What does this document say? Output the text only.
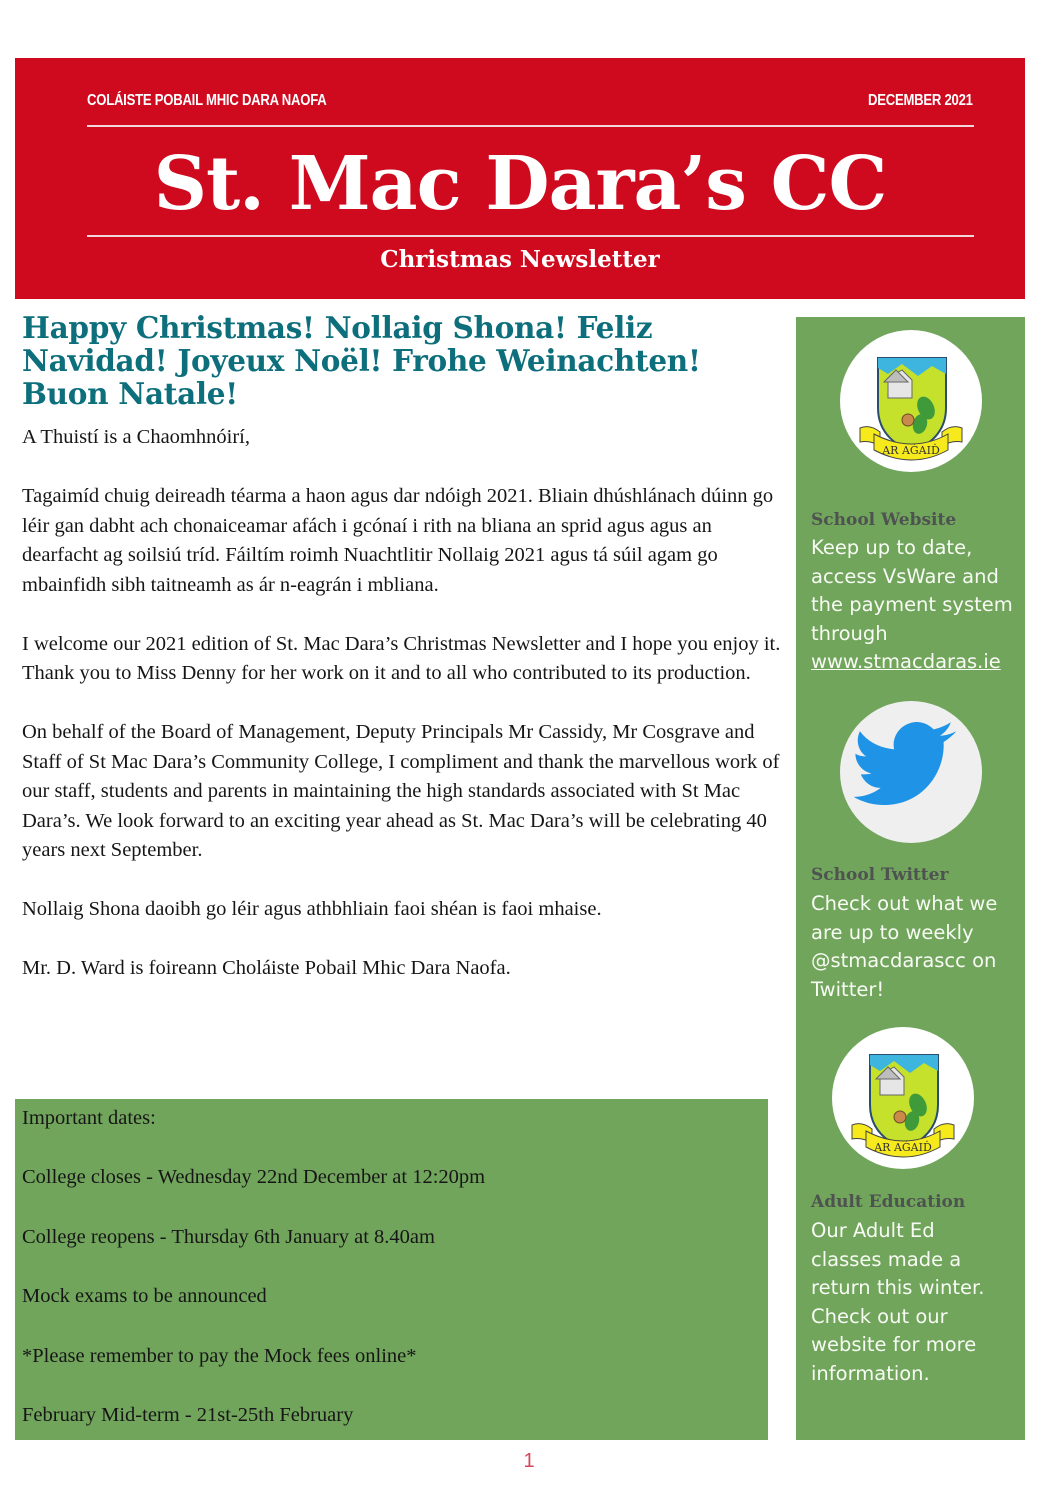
COLÁISTE POBAIL MHIC DARA NAOFA	DECEMBER 2021
St. Mac Dara’s CC
Christmas Newsletter
Happy Christmas! Nollaig Shona! Feliz Navidad! Joyeux Noël! Frohe Weinachten! Buon Natale!

A Thuistí is a Chaomhnóirí,

Tagaimíd chuig deireadh téarma a haon agus dar ndóigh 2021. Bliain dhúshlánach dúinn go léir gan dabht ach chonaiceamar afách i gcónaí i rith na bliana an sprid agus agus an dearfacht ag soilsiú tríd. Fáiltím roimh Nuachtlitir Nollaig 2021 agus tá súil agam go mbainfidh sibh taitneamh as ár n-eagrán i mbliana.

I welcome our 2021 edition of St. Mac Dara’s Christmas Newsletter and I hope you enjoy it. Thank you to Miss Denny for her work on it and to all who contributed to its production.

On behalf of the Board of Management, Deputy Principals Mr Cassidy, Mr Cosgrave and Staff of St Mac Dara’s Community College, I compliment and thank the marvellous work of our staff, students and parents in maintaining the high standards associated with St Mac Dara’s. We look forward to an exciting year ahead as St. Mac Dara’s will be celebrating 40 years next September.

Nollaig Shona daoibh go léir agus athbhliain faoi shéan is faoi mhaise.

Mr. D. Ward is foireann Choláiste Pobail Mhic Dara Naofa.

Important dates:
College closes - Wednesday 22nd December at 12:20pm
College reopens - Thursday 6th January at 8.40am
Mock exams to be announced
*Please remember to pay the Mock fees online*
February Mid-term - 21st-25th February
AR AĠAIḊ
School Website
Keep up to date,
access VsWare and
the payment system
through
www.stmacdaras.ie
School Twitter
Check out what we
are up to weekly
@stmacdarascc on
Twitter!
AR AĠAIḊ
Adult Education
Our Adult Ed
classes made a
return this winter.
Check out our
website for more
information.
1
